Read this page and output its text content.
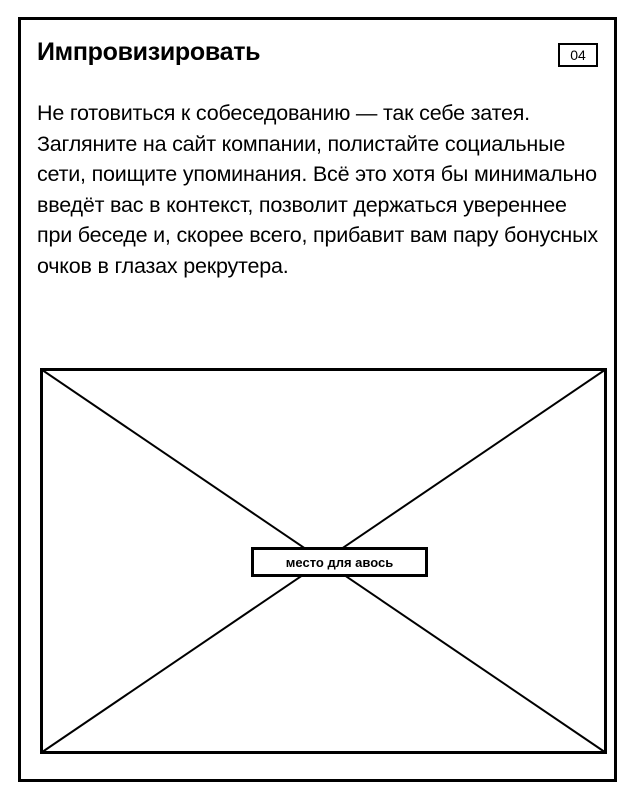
Импровизировать	04

Не готовиться к собеседованию — так себе затея. Загляните на сайт компании, полистайте социальные сети, поищите упоминания. Всё это хотя бы минимально введёт вас в контекст, позволит держаться увереннее при беседе и, скорее всего, прибавит вам пару бонусных очков в глазах рекрутера.

место для авось
